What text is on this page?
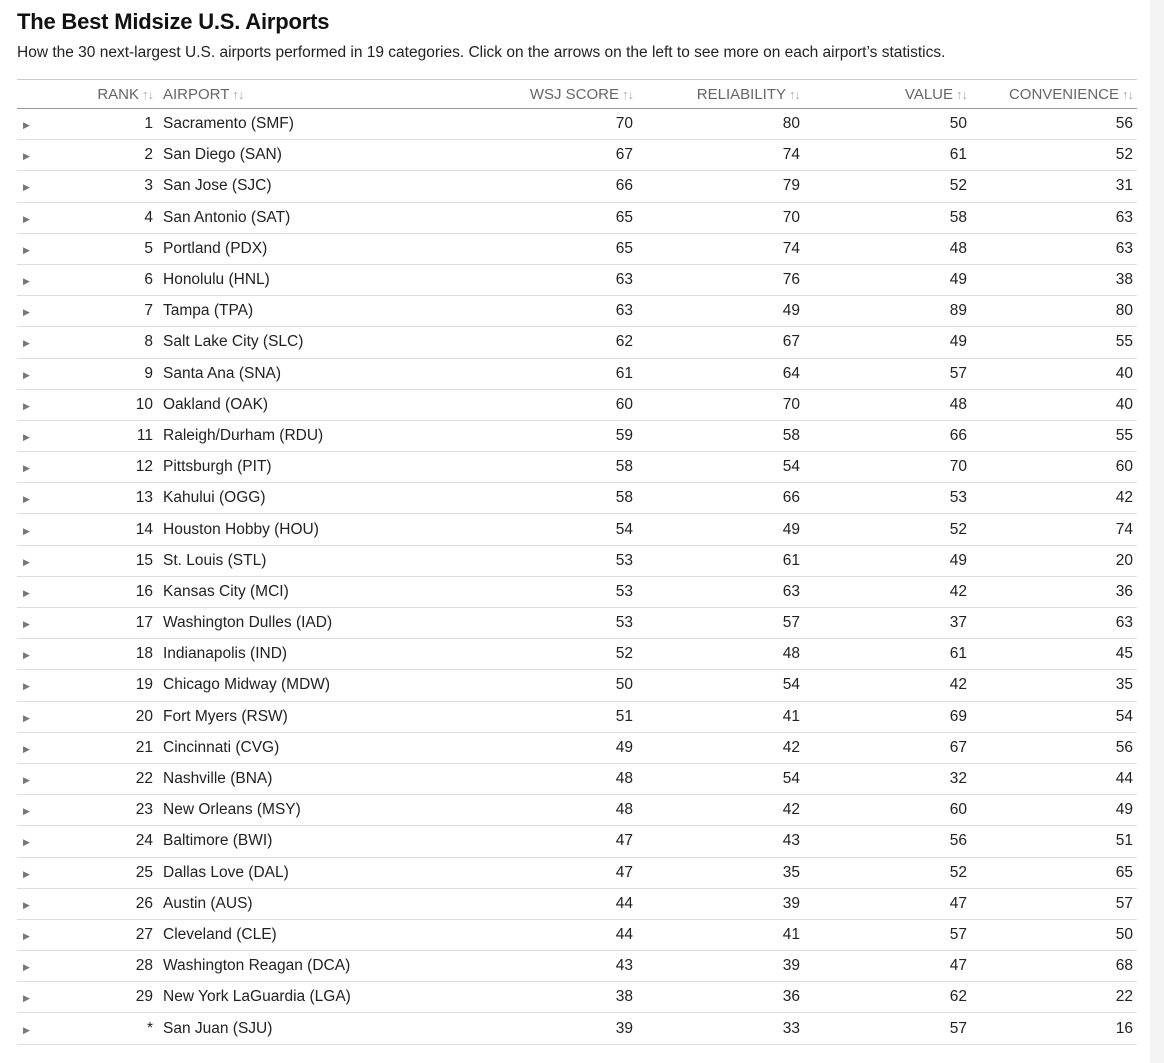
The Best Midsize U.S. Airports
How the 30 next-largest U.S. airports performed in 19 categories. Click on the arrows on the left to see more on each airport’s statistics.
	RANK ↑↓	AIRPORT ↑↓	WSJ SCORE ↑↓	RELIABILITY ↑↓	VALUE ↑↓	CONVENIENCE ↑↓
▶	1	Sacramento (SMF)	70	80	50	56
▶	2	San Diego (SAN)	67	74	61	52
▶	3	San Jose (SJC)	66	79	52	31
▶	4	San Antonio (SAT)	65	70	58	63
▶	5	Portland (PDX)	65	74	48	63
▶	6	Honolulu (HNL)	63	76	49	38
▶	7	Tampa (TPA)	63	49	89	80
▶	8	Salt Lake City (SLC)	62	67	49	55
▶	9	Santa Ana (SNA)	61	64	57	40
▶	10	Oakland (OAK)	60	70	48	40
▶	11	Raleigh/Durham (RDU)	59	58	66	55
▶	12	Pittsburgh (PIT)	58	54	70	60
▶	13	Kahului (OGG)	58	66	53	42
▶	14	Houston Hobby (HOU)	54	49	52	74
▶	15	St. Louis (STL)	53	61	49	20
▶	16	Kansas City (MCI)	53	63	42	36
▶	17	Washington Dulles (IAD)	53	57	37	63
▶	18	Indianapolis (IND)	52	48	61	45
▶	19	Chicago Midway (MDW)	50	54	42	35
▶	20	Fort Myers (RSW)	51	41	69	54
▶	21	Cincinnati (CVG)	49	42	67	56
▶	22	Nashville (BNA)	48	54	32	44
▶	23	New Orleans (MSY)	48	42	60	49
▶	24	Baltimore (BWI)	47	43	56	51
▶	25	Dallas Love (DAL)	47	35	52	65
▶	26	Austin (AUS)	44	39	47	57
▶	27	Cleveland (CLE)	44	41	57	50
▶	28	Washington Reagan (DCA)	43	39	47	68
▶	29	New York LaGuardia (LGA)	38	36	62	22
▶	*	San Juan (SJU)	39	33	57	16
